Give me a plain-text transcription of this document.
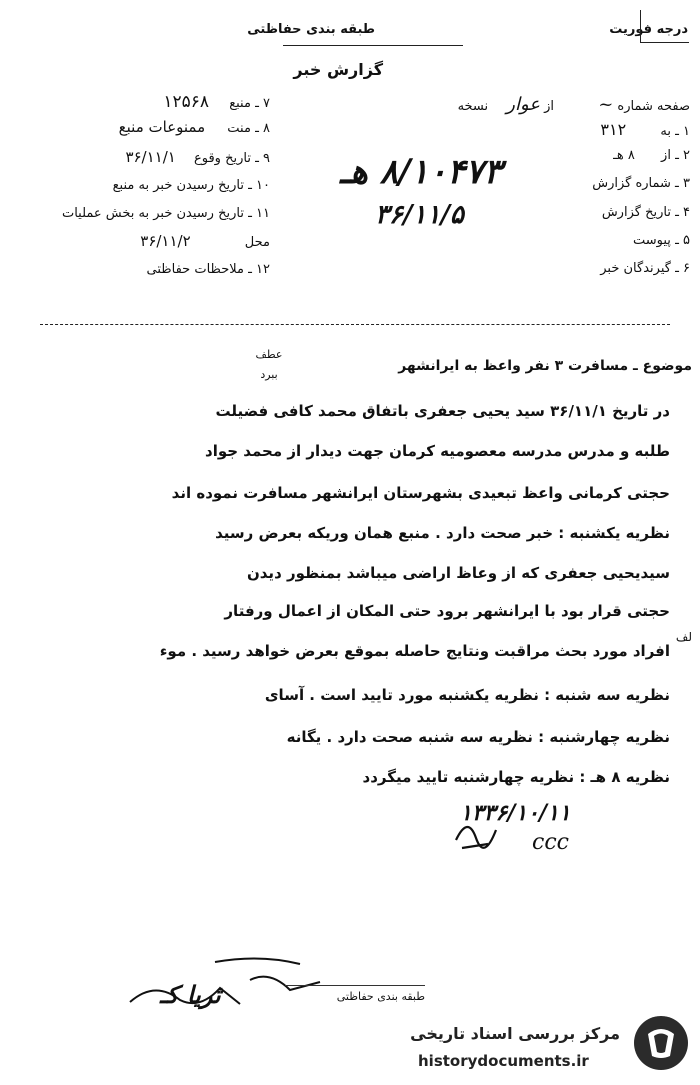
درجه فوریت
طبقه بندی حفاظتی
گزارش خبر
صفحه شماره ~ از عوار نسخه
۱ ـ به ۳۱۲
۲ ـ از ۸ هـ
۳ ـ شماره گزارش
۴ ـ تاریخ گزارش
۵ ـ پیوست
۶ ـ گیرندگان خبر
۸/۱۰۴۷۳ هـ
۳۶/۱۱/۵
۷ ـ منبع ۱۲۵۶۸
۸ ـ منت ممنوعات منبع
۹ ـ تاریخ وقوع ۳۶/۱۱/۱
۱۰ ـ تاریخ رسیدن خبر به منبع
۱۱ ـ تاریخ رسیدن خبر به بخش عملیات
محل ۳۶/۱۱/۲
۱۲ ـ ملاحظات حفاظتی
موضوع ـ مسافرت ۳ نفر واعظ به ایرانشهر
عطف ببرد
در تاریخ ۳۶/۱۱/۱ سید یحیی جعفری باتفاق محمد کافی فضیلت
طلبه و مدرس مدرسه معصومیه کرمان جهت دیدار از محمد جواد
حجتی کرمانی واعظ تبعیدی بشهرستان ایرانشهر مسافرت نموده اند
نظریه یکشنبه : خبر صحت دارد . منبع همان وریکه بعرض رسید
سیدیحیی جعفری که از وعاظ اراضی میباشد بمنظور دیدن
حجتی قرار بود با ایرانشهر برود حتی المکان از اعمال ورفتار
افراد مورد بحث مراقبت ونتایج حاصله بموقع بعرض خواهد رسید . موء
لف
نظریه سه شنبه : نظریه یکشنبه مورد تایید است . آسای
نظریه چهارشنبه : نظریه سه شنبه صحت دارد . یگانه
نظریه ۸ هـ : نظریه چهارشنبه تایید میگردد
۱۳۳۶/۱۰/۱۱
ccc
ثریا کـ	طبقه بندی حفاظتی
مرکز بررسی اسناد تاریخی
historydocuments.ir
